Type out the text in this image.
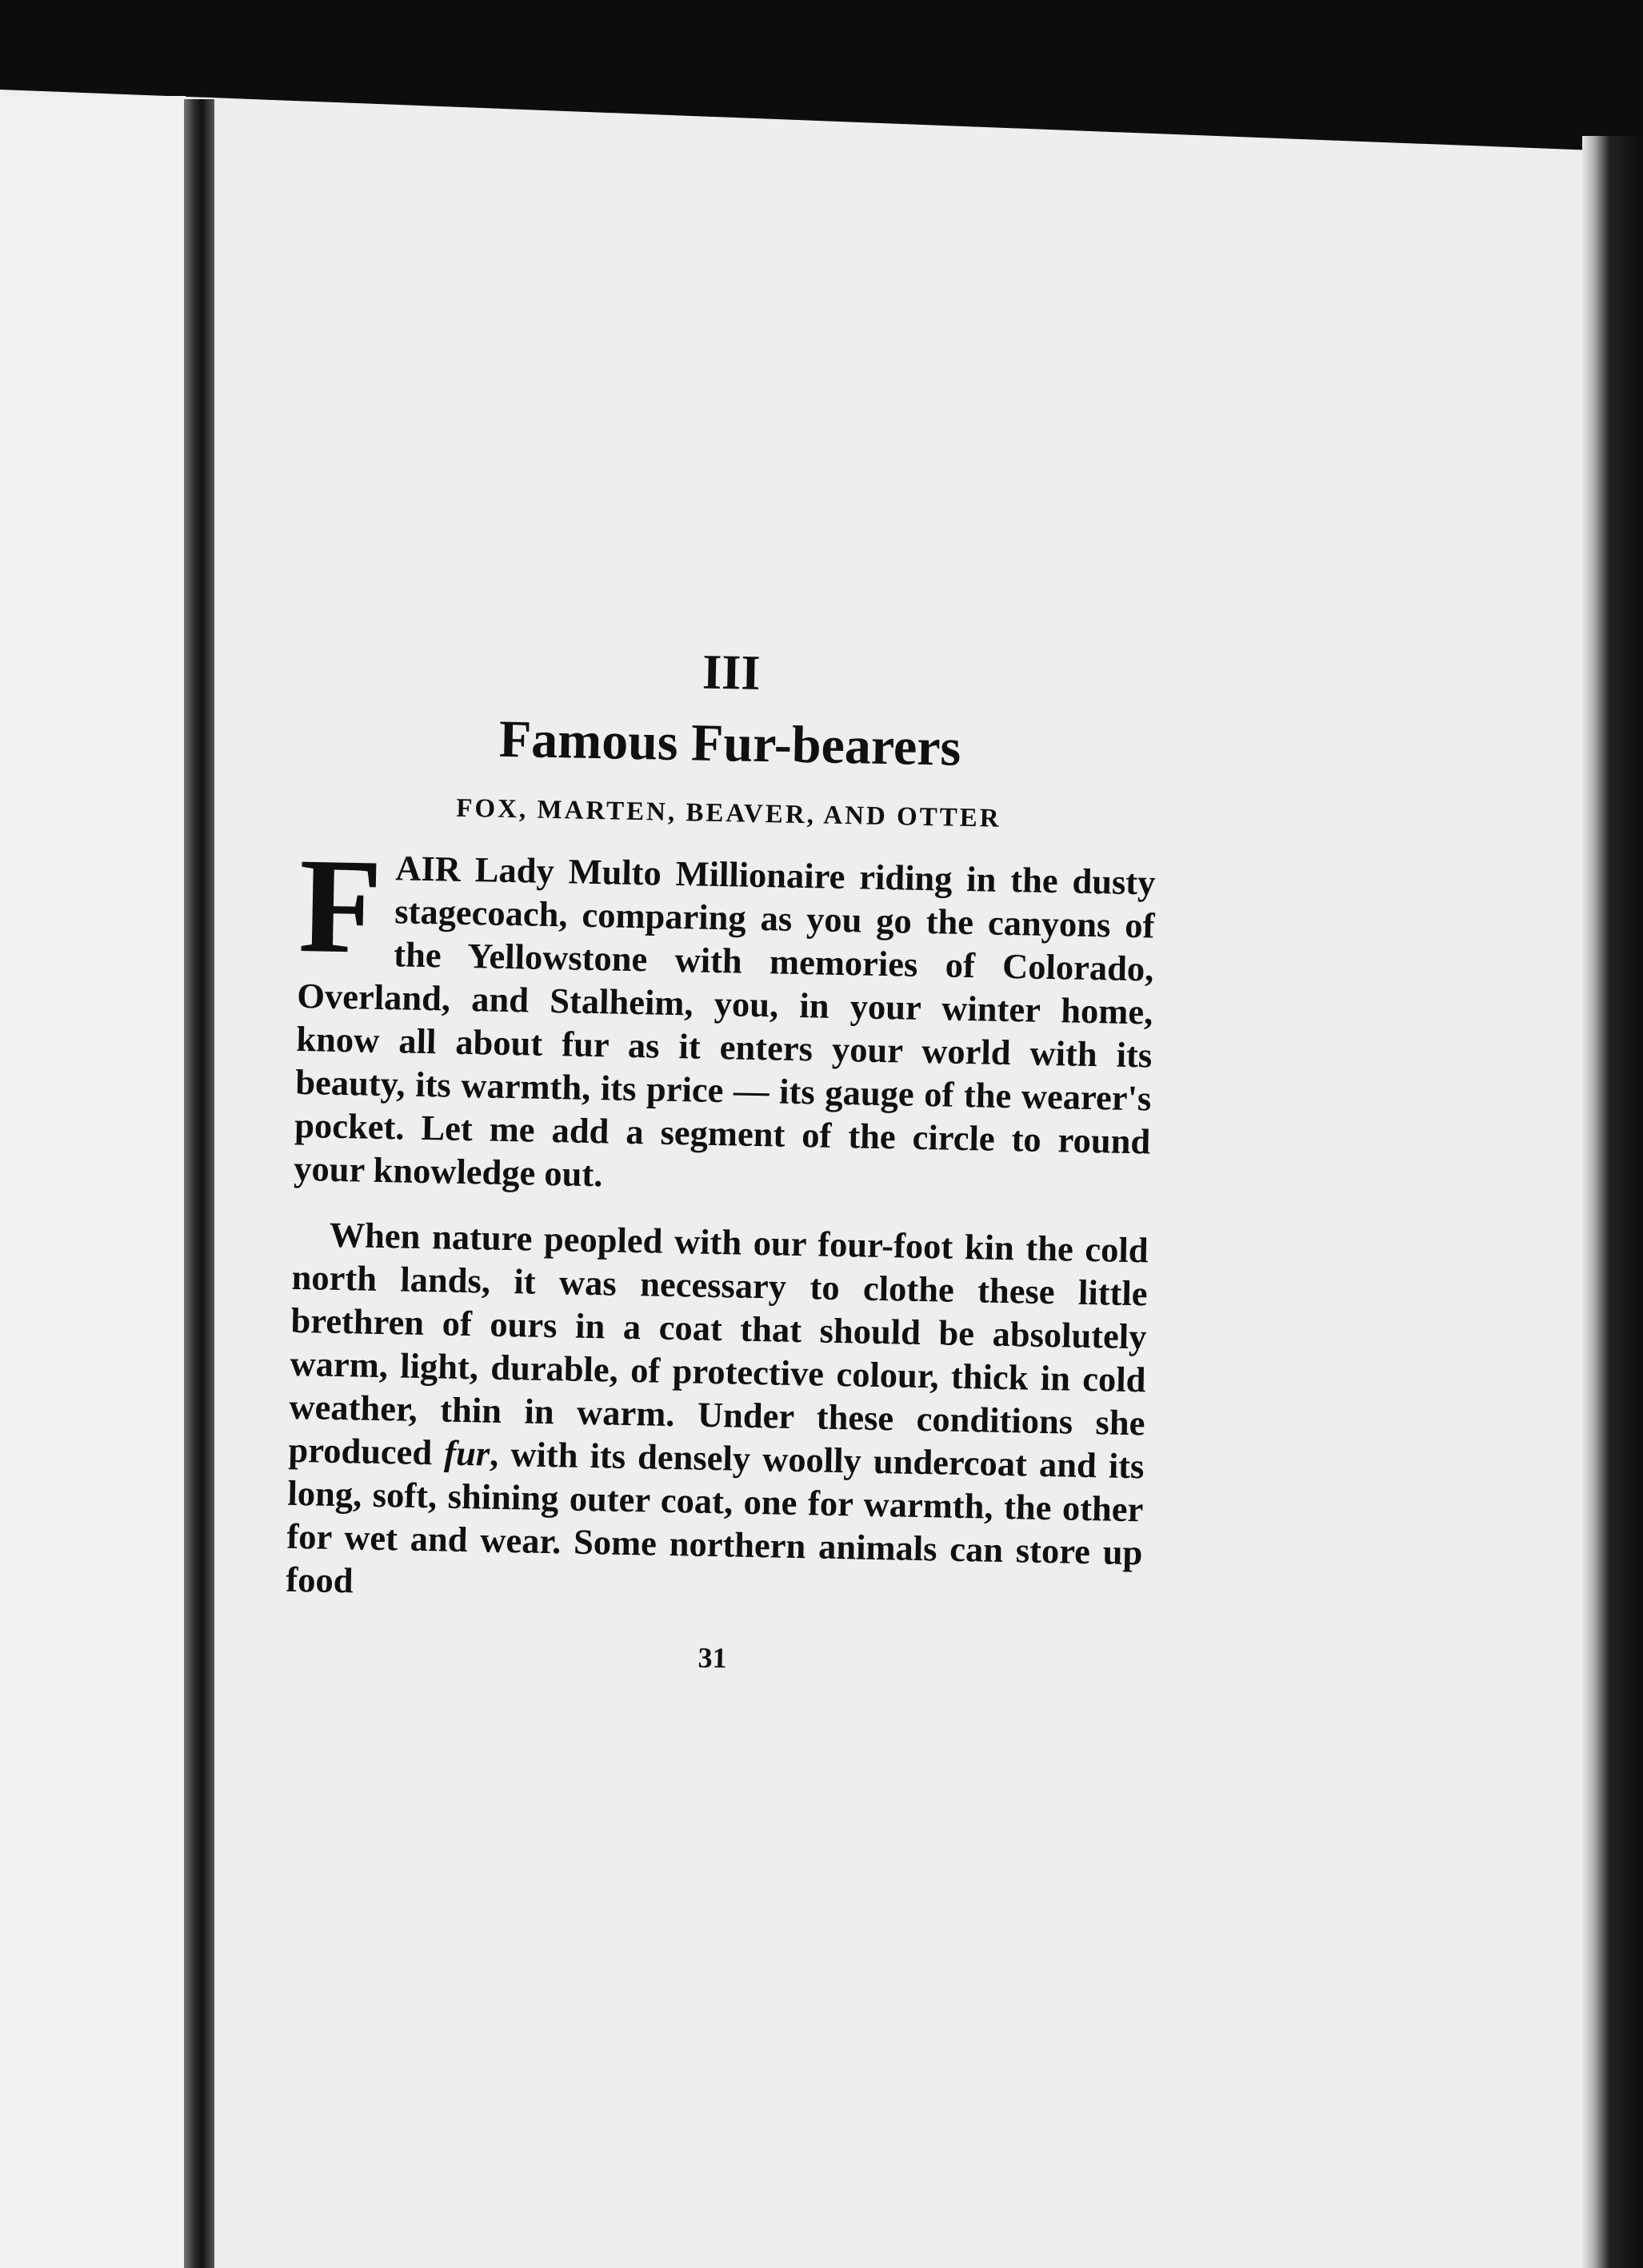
III
Famous Fur-bearers
FOX, MARTEN, BEAVER, AND OTTER

F AIR Lady Multo Millionaire riding in the dusty stagecoach, comparing as you go the canyons of the Yellowstone with memories of Colorado, Overland, and Stalheim, you, in your winter home, know all about fur as it enters your world with its beauty, its warmth, its price — its gauge of the wearer's pocket. Let me add a segment of the circle to round your knowledge out.

When nature peopled with our four-foot kin the cold north lands, it was necessary to clothe these little brethren of ours in a coat that should be absolutely warm, light, durable, of protective colour, thick in cold weather, thin in warm. Under these conditions she produced fur, with its densely woolly undercoat and its long, soft, shining outer coat, one for warmth, the other for wet and wear. Some northern animals can store up food

31
